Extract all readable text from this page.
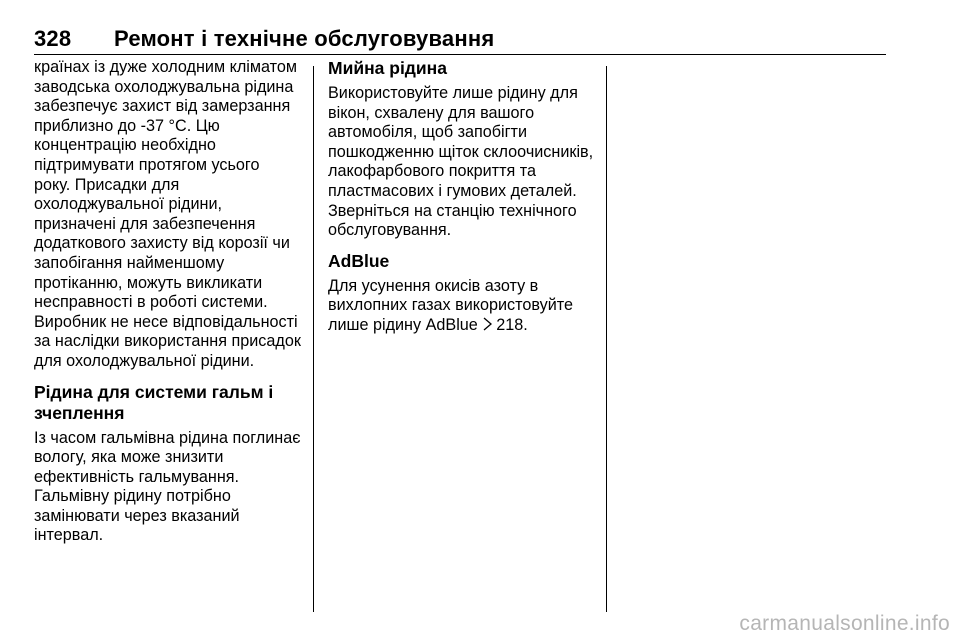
328 Ремонт і технічне обслуговування
країнах із дуже холодним кліматом
заводська охолоджувальна рідина
забезпечує захист від замерзання
приблизно до -37 °C. Цю
концентрацію необхідно
підтримувати протягом усього
року. Присадки для
охолоджувальної рідини,
призначені для забезпечення
додаткового захисту від корозії чи
запобігання найменшому
протіканню, можуть викликати
несправності в роботі системи.
Виробник не несе відповідальності
за наслідки використання присадок
для охолоджувальної рідини.
Рідина для системи гальм і
зчеплення
Із часом гальмівна рідина поглинає
вологу, яка може знизити
ефективність гальмування.
Гальмівну рідину потрібно
замінювати через вказаний
інтервал.
Мийна рідина
Використовуйте лише рідину для
вікон, схвалену для вашого
автомобіля, щоб запобігти
пошкодженню щіток склоочисників,
лакофарбового покриття та
пластмасових і гумових деталей.
Зверніться на станцію технічного
обслуговування.
AdBlue
Для усунення окисів азоту в
вихлопних газах використовуйте
лише рідину AdBlue 218.
carmanualsonline.info
